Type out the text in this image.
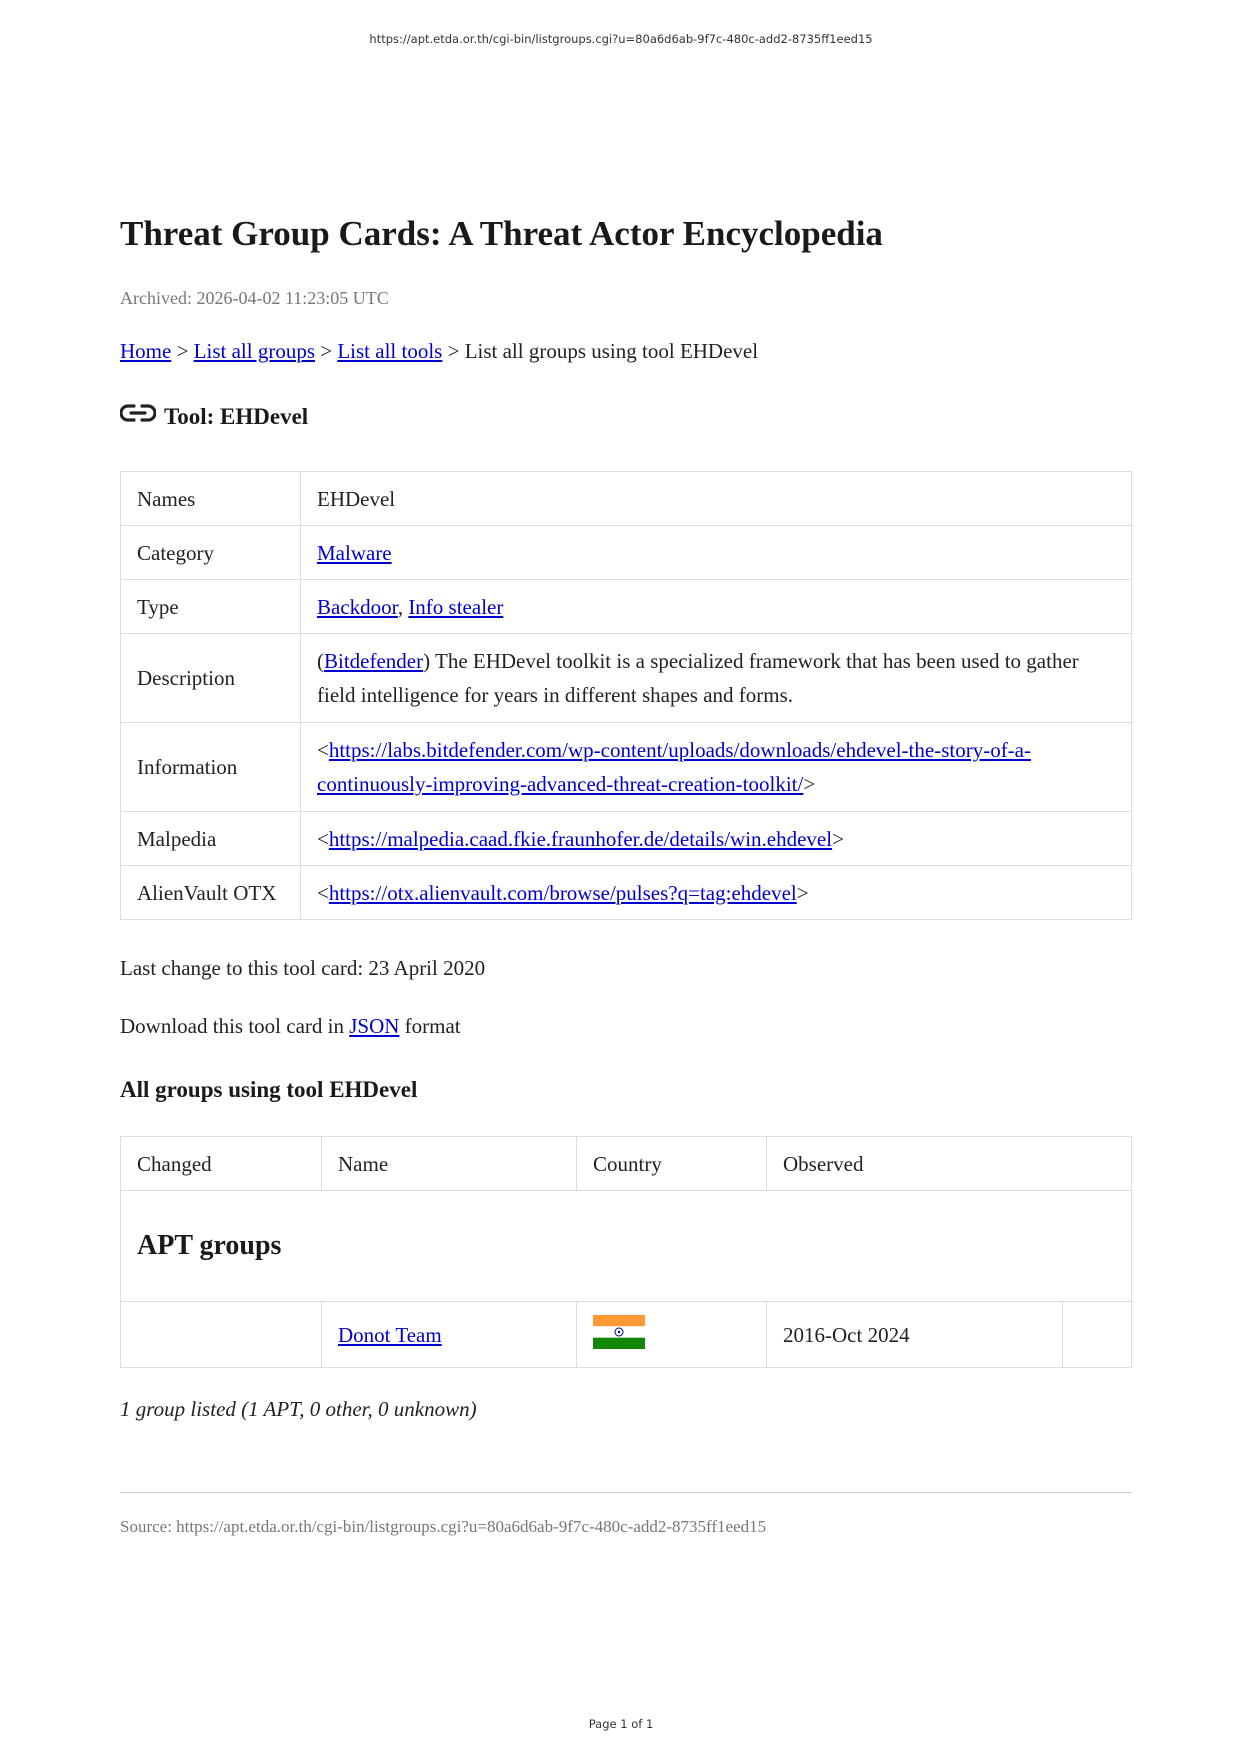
https://apt.etda.or.th/cgi-bin/listgroups.cgi?u=80a6d6ab-9f7c-480c-add2-8735ff1eed15
Threat Group Cards: A Threat Actor Encyclopedia
Archived: 2026-04-02 11:23:05 UTC
Home > List all groups > List all tools > List all groups using tool EHDevel
Tool: EHDevel
Names	EHDevel
Category	Malware
Type	Backdoor, Info stealer
Description	(Bitdefender) The EHDevel toolkit is a specialized framework that has been used to gather field intelligence for years in different shapes and forms.
Information	<https://labs.bitdefender.com/wp-content/uploads/downloads/ehdevel-the-story-of-a-
continuously-improving-advanced-threat-creation-toolkit/>
Malpedia	<https://malpedia.caad.fkie.fraunhofer.de/details/win.ehdevel>
AlienVault OTX	<https://otx.alienvault.com/browse/pulses?q=tag:ehdevel>
Last change to this tool card: 23 April 2020
Download this tool card in JSON format
All groups using tool EHDevel
Changed	Name	Country	Observed	
APT groups				
	Donot Team		2016-Oct 2024	
1 group listed (1 APT, 0 other, 0 unknown)
Source: https://apt.etda.or.th/cgi-bin/listgroups.cgi?u=80a6d6ab-9f7c-480c-add2-8735ff1eed15
Page 1 of 1
